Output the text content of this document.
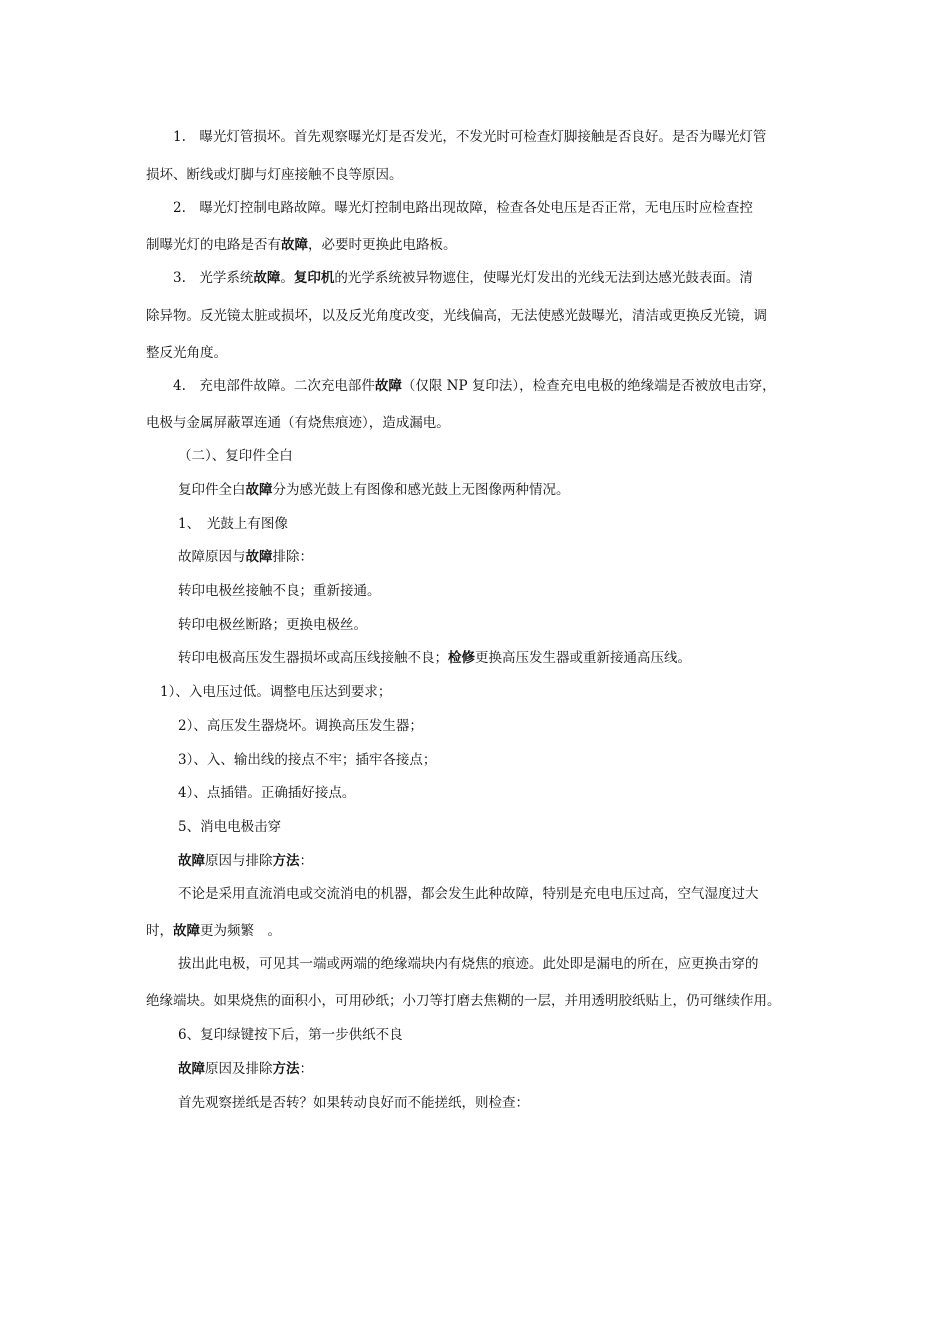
1.　曝光灯管损坏。首先观察曝光灯是否发光，不发光时可检查灯脚接触是否良好。是否为曝光灯管
损坏、断线或灯脚与灯座接触不良等原因。
2.　曝光灯控制电路故障。曝光灯控制电路出现故障，检查各处电压是否正常，无电压时应检查控
制曝光灯的电路是否有故障，必要时更换此电路板。
3.　光学系统故障。复印机的光学系统被异物遮住，使曝光灯发出的光线无法到达感光鼓表面。清
除异物。反光镜太脏或损坏，以及反光角度改变，光线偏高，无法使感光鼓曝光，清洁或更换反光镜，调
整反光角度。
4.　充电部件故障。二次充电部件故障（仅限 NP 复印法），检查充电电极的绝缘端是否被放电击穿，
电极与金属屏蔽罩连通（有烧焦痕迹），造成漏电。
（二）、复印件全白
复印件全白故障分为感光鼓上有图像和感光鼓上无图像两种情况。
1、　光鼓上有图像
故障原因与故障排除：
转印电极丝接触不良；重新接通。
转印电极丝断路；更换电极丝。
转印电极高压发生器损坏或高压线接触不良；检修更换高压发生器或重新接通高压线。
1）、入电压过低。调整电压达到要求；
2）、高压发生器烧坏。调换高压发生器；
3）、入、输出线的接点不牢；插牢各接点；
4）、点插错。正确插好接点。
5、消电电极击穿
故障原因与排除方法：
不论是采用直流消电或交流消电的机器，都会发生此种故障，特别是充电电压过高，空气湿度过大
时，故障更为频繁　。
拔出此电极，可见其一端或两端的绝缘端块内有烧焦的痕迹。此处即是漏电的所在，应更换击穿的
绝缘端块。如果烧焦的面积小，可用砂纸；小刀等打磨去焦糊的一层，并用透明胶纸贴上，仍可继续作用。
6、复印绿键按下后，第一步供纸不良
故障原因及排除方法：
首先观察搓纸是否转？如果转动良好而不能搓纸，则检查：
